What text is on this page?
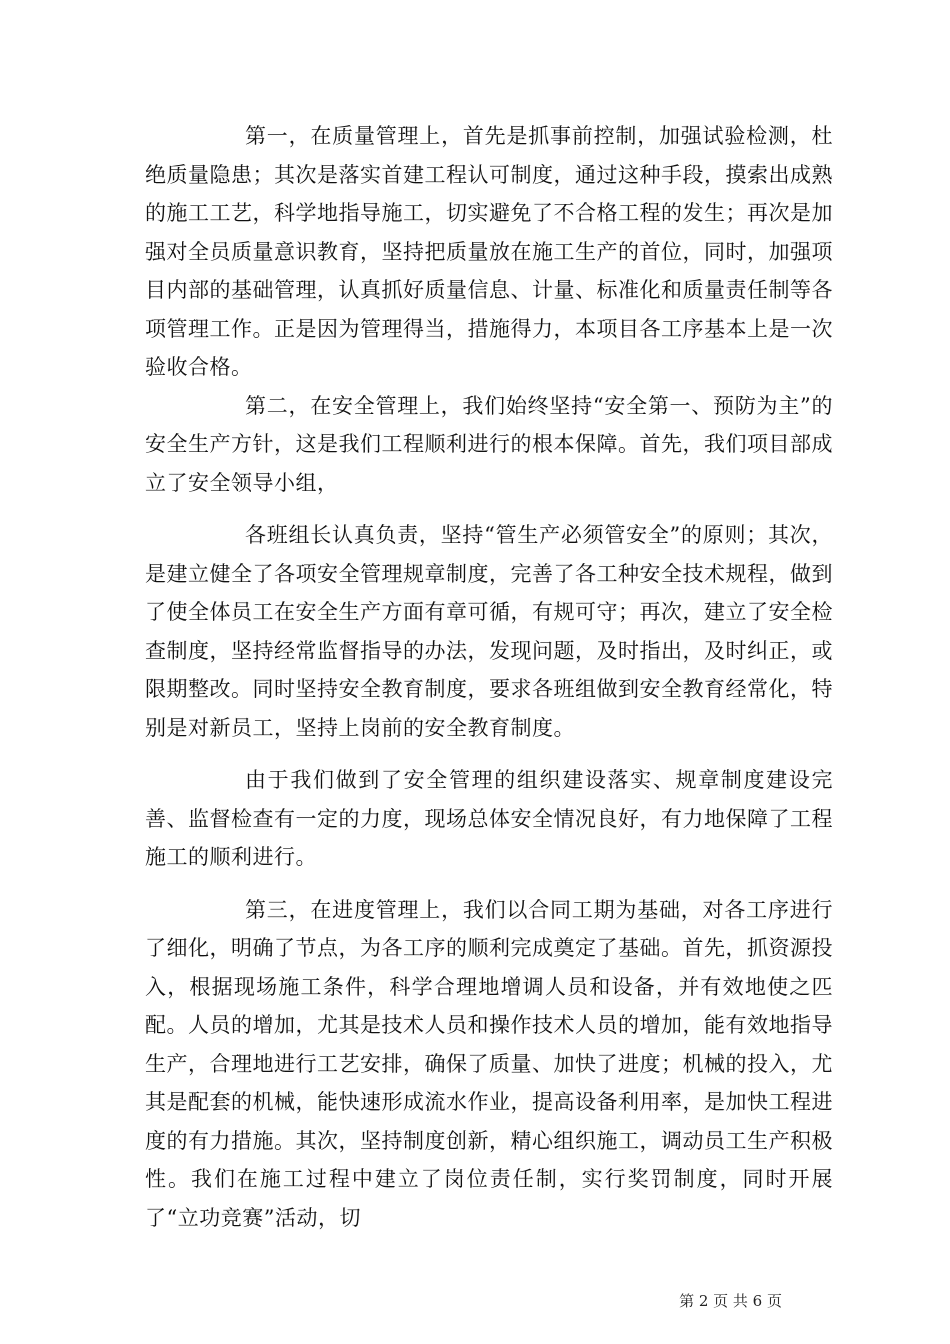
第一，在质量管理上，首先是抓事前控制，加强试验检测，杜绝质量隐患；其次是落实首建工程认可制度，通过这种手段，摸索出成熟的施工工艺，科学地指导施工，切实避免了不合格工程的发生；再次是加强对全员质量意识教育，坚持把质量放在施工生产的首位，同时，加强项目内部的基础管理，认真抓好质量信息、计量、标准化和质量责任制等各项管理工作。正是因为管理得当，措施得力，本项目各工序基本上是一次验收合格。

第二，在安全管理上，我们始终坚持“安全第一、预防为主”的安全生产方针，这是我们工程顺利进行的根本保障。首先，我们项目部成立了安全领导小组，

各班组长认真负责，坚持“管生产必须管安全”的原则；其次，是建立健全了各项安全管理规章制度，完善了各工种安全技术规程，做到了使全体员工在安全生产方面有章可循，有规可守；再次，建立了安全检查制度，坚持经常监督指导的办法，发现问题，及时指出，及时纠正，或限期整改。同时坚持安全教育制度，要求各班组做到安全教育经常化，特别是对新员工，坚持上岗前的安全教育制度。

由于我们做到了安全管理的组织建设落实、规章制度建设完善、监督检查有一定的力度，现场总体安全情况良好，有力地保障了工程施工的顺利进行。

第三，在进度管理上，我们以合同工期为基础，对各工序进行了细化，明确了节点，为各工序的顺利完成奠定了基础。首先，抓资源投入，根据现场施工条件，科学合理地增调人员和设备，并有效地使之匹配。人员的增加，尤其是技术人员和操作技术人员的增加，能有效地指导生产，合理地进行工艺安排，确保了质量、加快了进度；机械的投入，尤其是配套的机械，能快速形成流水作业，提高设备利用率，是加快工程进度的有力措施。其次，坚持制度创新，精心组织施工，调动员工生产积极性。我们在施工过程中建立了岗位责任制，实行奖罚制度，同时开展了“立功竞赛”活动，切

第 2 页 共 6 页
